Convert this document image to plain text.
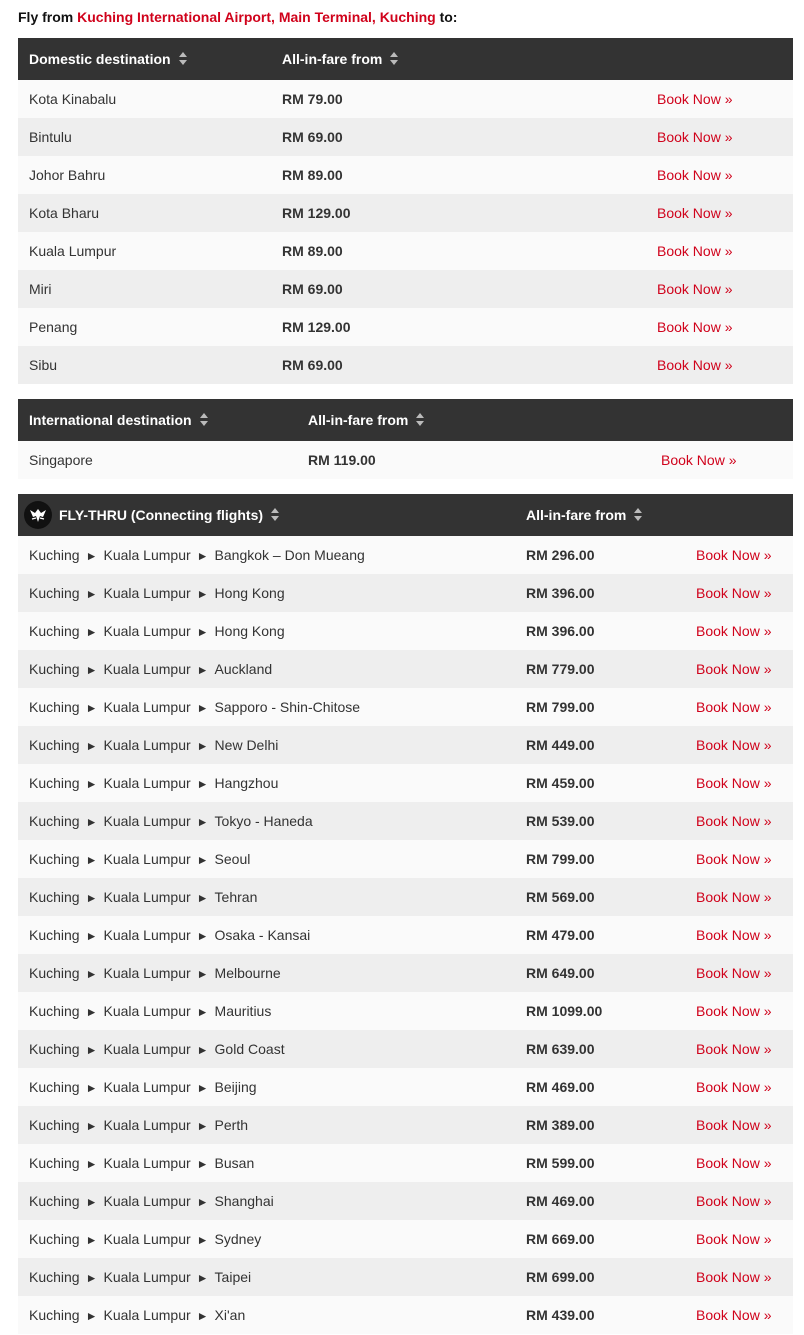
Fly from Kuching International Airport, Main Terminal, Kuching to:
Domestic destination	All-in-fare from
Kota Kinabalu	RM 79.00	Book Now »
Bintulu	RM 69.00	Book Now »
Johor Bahru	RM 89.00	Book Now »
Kota Bharu	RM 129.00	Book Now »
Kuala Lumpur	RM 89.00	Book Now »
Miri	RM 69.00	Book Now »
Penang	RM 129.00	Book Now »
Sibu	RM 69.00	Book Now »
International destination	All-in-fare from
Singapore	RM 119.00	Book Now »
FLY-THRU (Connecting flights)	All-in-fare from
Kuching ► Kuala Lumpur ► Bangkok – Don Mueang	RM 296.00	Book Now »
Kuching ► Kuala Lumpur ► Hong Kong	RM 396.00	Book Now »
Kuching ► Kuala Lumpur ► Hong Kong	RM 396.00	Book Now »
Kuching ► Kuala Lumpur ► Auckland	RM 779.00	Book Now »
Kuching ► Kuala Lumpur ► Sapporo - Shin-Chitose	RM 799.00	Book Now »
Kuching ► Kuala Lumpur ► New Delhi	RM 449.00	Book Now »
Kuching ► Kuala Lumpur ► Hangzhou	RM 459.00	Book Now »
Kuching ► Kuala Lumpur ► Tokyo - Haneda	RM 539.00	Book Now »
Kuching ► Kuala Lumpur ► Seoul	RM 799.00	Book Now »
Kuching ► Kuala Lumpur ► Tehran	RM 569.00	Book Now »
Kuching ► Kuala Lumpur ► Osaka - Kansai	RM 479.00	Book Now »
Kuching ► Kuala Lumpur ► Melbourne	RM 649.00	Book Now »
Kuching ► Kuala Lumpur ► Mauritius	RM 1099.00	Book Now »
Kuching ► Kuala Lumpur ► Gold Coast	RM 639.00	Book Now »
Kuching ► Kuala Lumpur ► Beijing	RM 469.00	Book Now »
Kuching ► Kuala Lumpur ► Perth	RM 389.00	Book Now »
Kuching ► Kuala Lumpur ► Busan	RM 599.00	Book Now »
Kuching ► Kuala Lumpur ► Shanghai	RM 469.00	Book Now »
Kuching ► Kuala Lumpur ► Sydney	RM 669.00	Book Now »
Kuching ► Kuala Lumpur ► Taipei	RM 699.00	Book Now »
Kuching ► Kuala Lumpur ► Xi'an	RM 439.00	Book Now »
